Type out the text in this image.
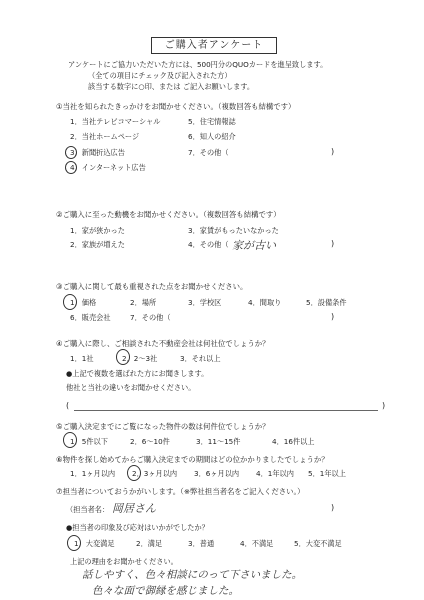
ご購入者アンケート
アンケートにご協力いただいた方には、500円分のQUOカードを進呈致します。
（全ての項目にチェック及び記入された方）
該当する数字に○印、または ご記入お願いします。
①当社を知られたきっかけをお聞かせください。（複数回答も結構です）
1．当社テレビコマーシャル	5．住宅情報誌
2．当社ホームページ	6．知人の紹介
3．新聞折込広告	7．その他（	)
4．インターネット広告
②ご購入に至った動機をお聞かせください。（複数回答も結構です）
1．家が狭かった	3．家賃がもったいなかった
2．家族が増えた	4．その他（ 家が古い	)
③ご購入に関して最も重視された点をお聞かせください。
1．価格	2．場所	3．学校区	4．間取り	5．設備条件
6．販売会社	7．その他（	)
④ご購入に際し、ご相談された不動産会社は何社位でしょうか？
1．1社	2．2～3社	3．それ以上
●上記で複数を選ばれた方にお聞きします。
他社と当社の違いをお聞かせください。
(	)
⑤ご購入決定までにご覧になった物件の数は何件位でしょうか？
1．5件以下	2．6～10件	3．11～15件	4．16件以上
⑥物件を探し始めてからご購入決定までの期間はどの位かかりましたでしょうか？
1．1ヶ月以内 2．3ヶ月以内 3．6ヶ月以内 4．1年以内 5．1年以上
⑦担当者についておうかがいします。（※弊社担当者名をご記入ください。）
（担当者名： 岡居さん	)
●担当者の印象及び応対はいかがでしたか？
1．大変満足	2．満足	3．普通	4．不満足	5．大変不満足
上記の理由をお聞かせください。
話しやすく、色々相談にのって下さいました。
色々な面で御縁を感じました。
